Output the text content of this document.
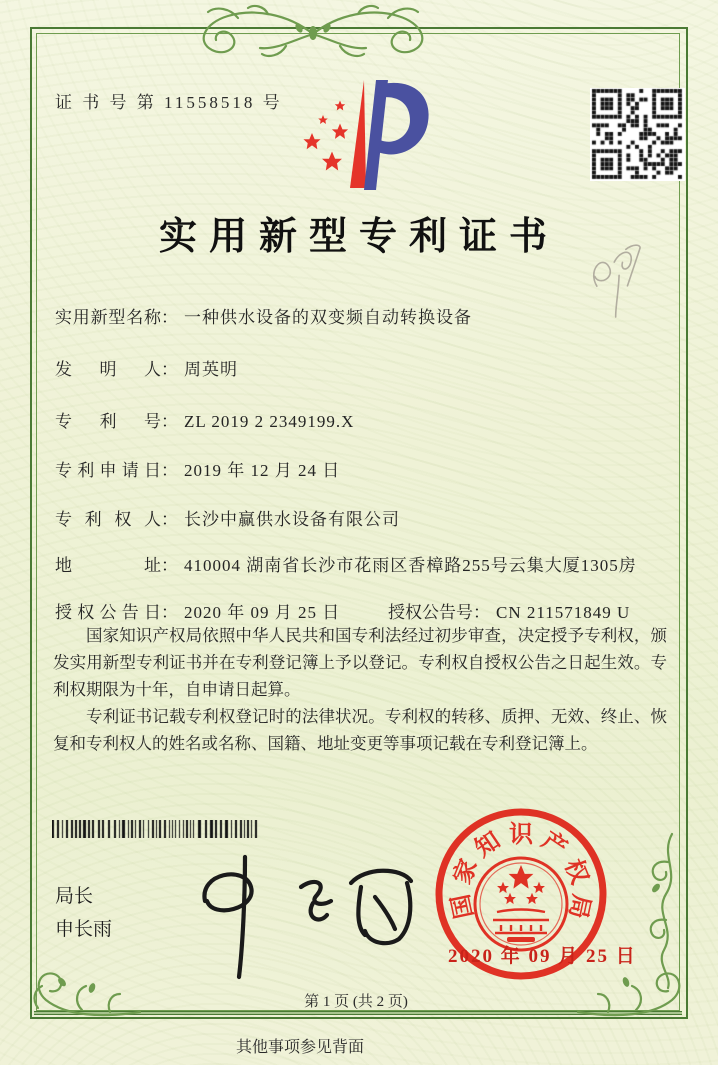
证 书 号 第 11558518 号
实用新型专利证书
实用新型名称： 一种供水设备的双变频自动转换设备
发明人： 周英明
专利号： ZL 2019 2 2349199.X
专利申请日： 2019 年 12 月 24 日
专利权人： 长沙中赢供水设备有限公司
地址： 410004 湖南省长沙市花雨区香樟路255号云集大厦1305房
授权公告日： 2020 年 09 月 25 日	授权公告号： CN 211571849 U

国家知识产权局依照中华人民共和国专利法经过初步审查，决定授予专利权，颁发实用新型专利证书并在专利登记簿上予以登记。专利权自授权公告之日起生效。专利权期限为十年，自申请日起算。

专利证书记载专利权登记时的法律状况。专利权的转移、质押、无效、终止、恢复和专利权人的姓名或名称、国籍、地址变更等事项记载在专利登记簿上。

局长
申长雨
国
家
知 识 产
权
局
2020 年 09 月 25 日
第 1 页 (共 2 页)
其他事项参见背面
